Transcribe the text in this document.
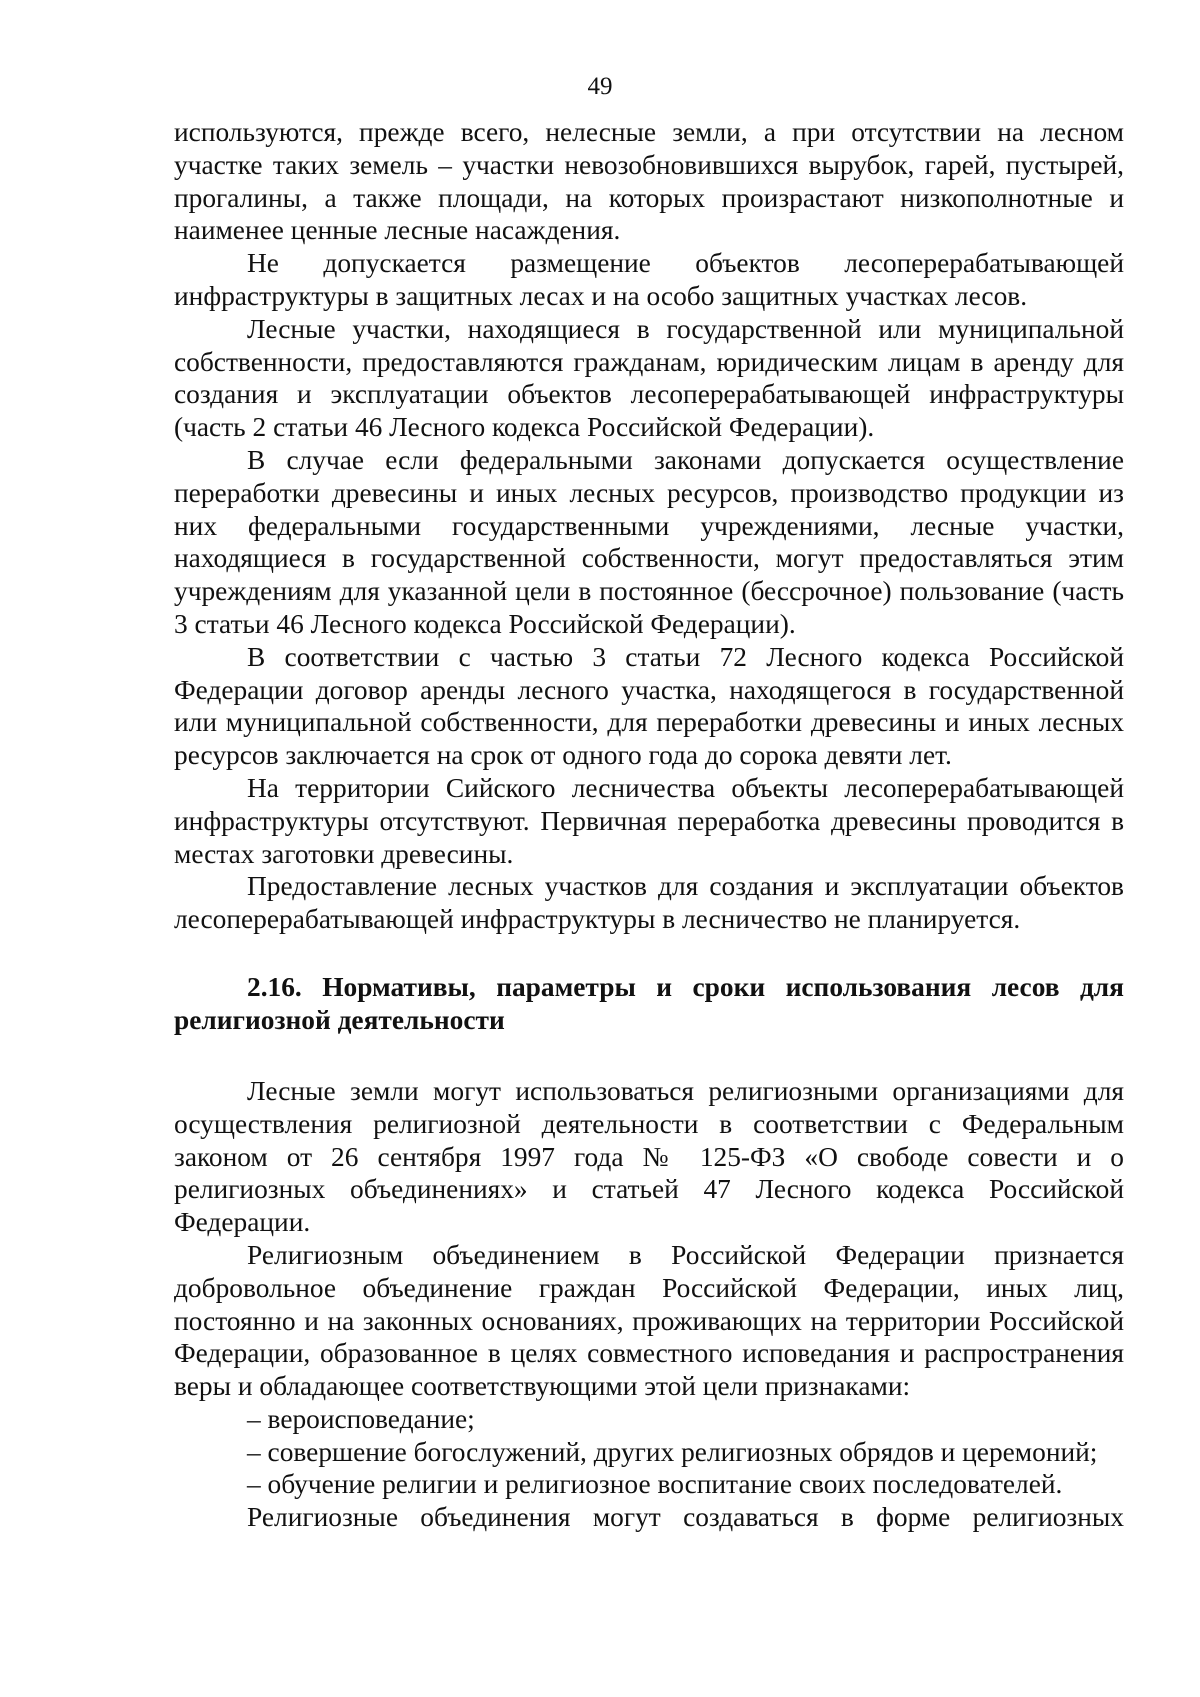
49

используются, прежде всего, нелесные земли, а при отсутствии на лесном участке таких земель – участки невозобновившихся вырубок, гарей, пустырей, прогалины, а также площади, на которых произрастают низкополнотные и наименее ценные лесные насаждения.

Не допускается размещение объектов лесоперерабатывающей инфраструктуры в защитных лесах и на особо защитных участках лесов.

Лесные участки, находящиеся в государственной или муниципальной собственности, предоставляются гражданам, юридическим лицам в аренду для создания и эксплуатации объектов лесоперерабатывающей инфраструктуры (часть 2 статьи 46 Лесного кодекса Российской Федерации).

В случае если федеральными законами допускается осуществление переработки древесины и иных лесных ресурсов, производство продукции из них федеральными государственными учреждениями, лесные участки, находящиеся в государственной собственности, могут предоставляться этим учреждениям для указанной цели в постоянное (бессрочное) пользование (часть 3 статьи 46 Лесного кодекса Российской Федерации).

В соответствии с частью 3 статьи 72 Лесного кодекса Российской Федерации договор аренды лесного участка, находящегося в государственной или муниципальной собственности, для переработки древесины и иных лесных ресурсов заключается на срок от одного года до сорока девяти лет.

На территории Сийского лесничества объекты лесоперерабатывающей инфраструктуры отсутствуют. Первичная переработка древесины проводится в местах заготовки древесины.

Предоставление лесных участков для создания и эксплуатации объектов лесоперерабатывающей инфраструктуры в лесничество не планируется.

2.16. Нормативы, параметры и сроки использования лесов для религиозной деятельности

Лесные земли могут использоваться религиозными организациями для осуществления религиозной деятельности в соответствии с Федеральным законом от 26 сентября 1997 года № 125-ФЗ «О свободе совести и о религиозных объединениях» и статьей 47 Лесного кодекса Российской Федерации.

Религиозным объединением в Российской Федерации признается добровольное объединение граждан Российской Федерации, иных лиц, постоянно и на законных основаниях, проживающих на территории Российской Федерации, образованное в целях совместного исповедания и распространения веры и обладающее соответствующими этой цели признаками:

– вероисповедание;

– совершение богослужений, других религиозных обрядов и церемоний;

– обучение религии и религиозное воспитание своих последователей.

Религиозные объединения могут создаваться в форме религиозных
